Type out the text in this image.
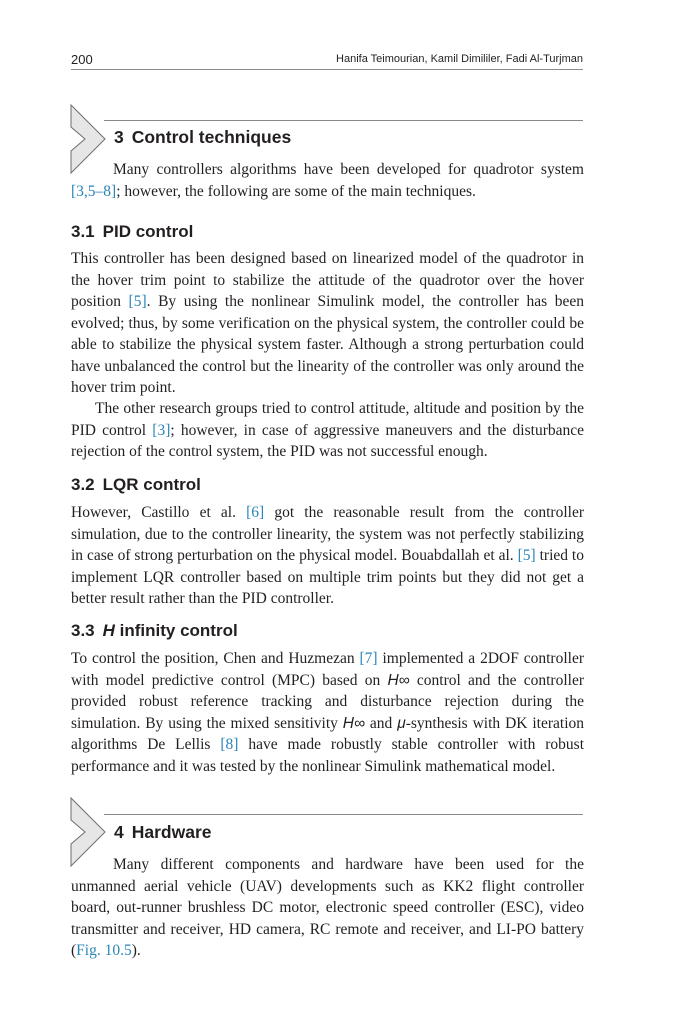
200	Hanifa Teimourian, Kamil Dimililer, Fadi Al-Turjman
3 Control techniques

Many controllers algorithms have been developed for quadrotor system [3,5–8]; however, the following are some of the main techniques.

3.1 PID control

This controller has been designed based on linearized model of the quadrotor in the hover trim point to stabilize the attitude of the quadrotor over the hover position [5]. By using the nonlinear Simulink model, the controller has been evolved; thus, by some verification on the physical system, the controller could be able to stabilize the physical system faster. Although a strong perturbation could have unbalanced the control but the linearity of the controller was only around the hover trim point.

The other research groups tried to control attitude, altitude and position by the PID control [3]; however, in case of aggressive maneuvers and the disturbance rejection of the control system, the PID was not successful enough.

3.2 LQR control

However, Castillo et al. [6] got the reasonable result from the controller simulation, due to the controller linearity, the system was not perfectly stabilizing in case of strong perturbation on the physical model. Bouabdallah et al. [5] tried to implement LQR controller based on multiple trim points but they did not get a better result rather than the PID controller.

3.3 H infinity control

To control the position, Chen and Huzmezan [7] implemented a 2DOF controller with model predictive control (MPC) based on H∞ control and the controller provided robust reference tracking and disturbance rejection during the simulation. By using the mixed sensitivity H∞ and μ-synthesis with DK iteration algorithms De Lellis [8] have made robustly stable controller with robust performance and it was tested by the nonlinear Simulink mathematical model.

4 Hardware

Many different components and hardware have been used for the unmanned aerial vehicle (UAV) developments such as KK2 flight controller board, out-runner brushless DC motor, electronic speed controller (ESC), video transmitter and receiver, HD camera, RC remote and receiver, and LI-PO battery (Fig. 10.5).
